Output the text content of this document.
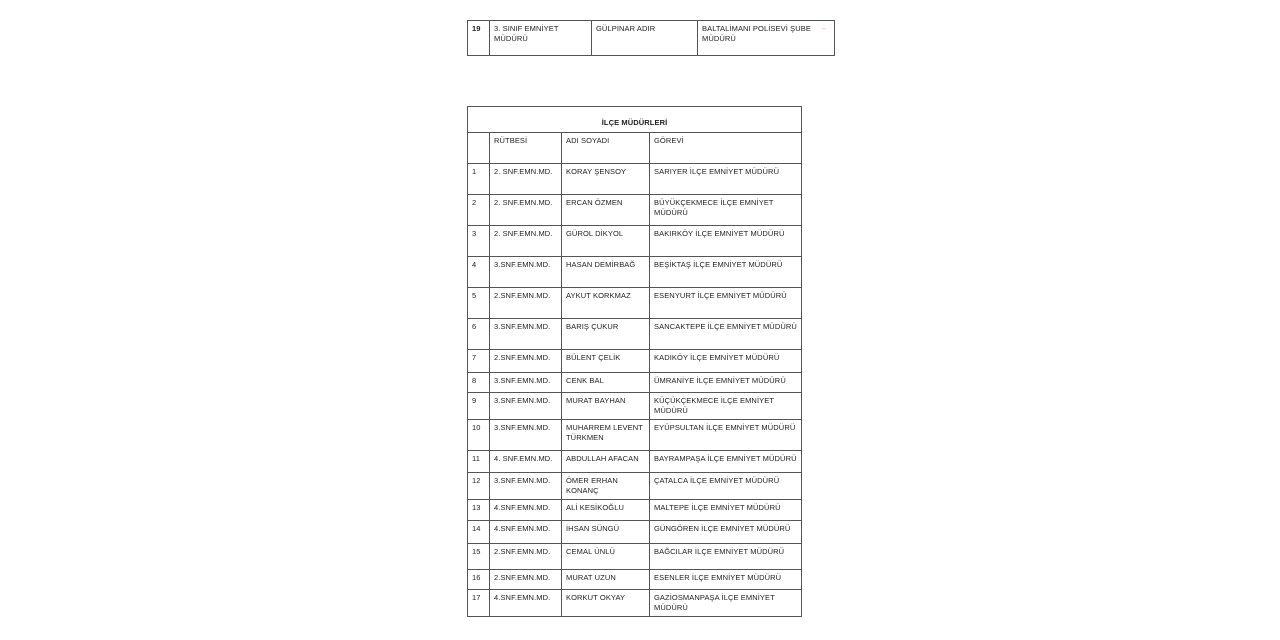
19	3. SINIF EMNİYET MÜDÜRÜ	GÜLPINAR ADIR	BALTALİMANI POLİSEVİ ŞUBE MÜDÜRÜ
—
İLÇE MÜDÜRLERİ			
	RÜTBESİ	ADI SOYADI	GÖREVİ
1	2. SNF.EMN.MD.	KORAY ŞENSOY	SARIYER İLÇE EMNİYET MÜDÜRÜ
2	2. SNF.EMN.MD.	ERCAN ÖZMEN	BÜYÜKÇEKMECE İLÇE EMNİYET MÜDÜRÜ
3	2. SNF.EMN.MD.	GÜROL DİKYOL	BAKIRKÖY İLÇE EMNİYET MÜDÜRÜ
4	3.SNF.EMN.MD.	HASAN DEMİRBAĞ	BEŞİKTAŞ İLÇE EMNİYET MÜDÜRÜ
5	2.SNF.EMN.MD.	AYKUT KORKMAZ	ESENYURT İLÇE EMNİYET MÜDÜRÜ
6	3.SNF.EMN.MD.	BARIŞ ÇUKUR	SANCAKTEPE İLÇE EMNİYET MÜDÜRÜ
7	2.SNF.EMN.MD.	BÜLENT ÇELİK	KADIKÖY İLÇE EMNİYET MÜDÜRÜ
8	3.SNF.EMN.MD.	CENK BAL	ÜMRANİYE İLÇE EMNİYET MÜDÜRÜ
9	3.SNF.EMN.MD.	MURAT BAYHAN	KÜÇÜKÇEKMECE İLÇE EMNİYET MÜDÜRÜ
10	3.SNF.EMN.MD.	MUHARREM LEVENT TÜRKMEN	EYÜPSULTAN İLÇE EMNİYET MÜDÜRÜ
11	4. SNF.EMN.MD.	ABDULLAH AFACAN	BAYRAMPAŞA İLÇE EMNİYET MÜDÜRÜ
12	3.SNF.EMN.MD.	ÖMER ERHAN KONANÇ	ÇATALCA İLÇE EMNİYET MÜDÜRÜ
13	4.SNF.EMN.MD.	ALİ KESİKOĞLU	MALTEPE İLÇE EMNİYET MÜDÜRÜ
14	4.SNF.EMN.MD.	İHSAN SÜNGÜ	GÜNGÖREN İLÇE EMNİYET MÜDÜRÜ
15	2.SNF.EMN.MD.	CEMAL ÜNLÜ	BAĞCILAR İLÇE EMNİYET MÜDÜRÜ
16	2.SNF.EMN.MD.	MURAT UZUN	ESENLER İLÇE EMNİYET MÜDÜRÜ
17	4.SNF.EMN.MD.	KORKUT OKYAY	GAZİOSMANPAŞA İLÇE EMNİYET MÜDÜRÜ
